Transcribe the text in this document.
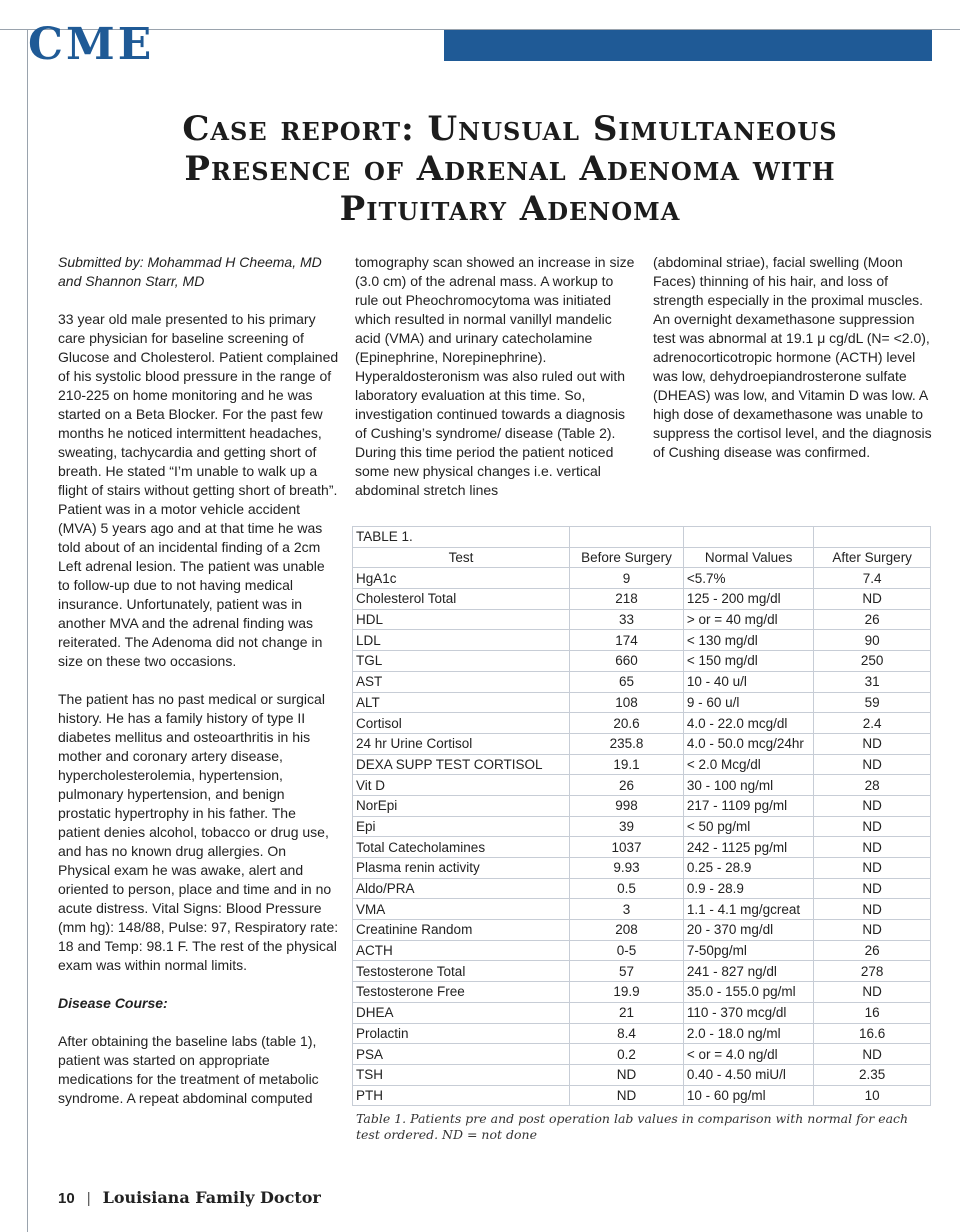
CME
Case report: Unusual Simultaneous Presence of Adrenal Adenoma with Pituitary Adenoma

Submitted by: Mohammad H Cheema, MD and Shannon Starr, MD

33 year old male presented to his primary care physician for baseline screening of Glucose and Cholesterol. Patient complained of his systolic blood pressure in the range of 210-225 on home monitoring and he was started on a Beta Blocker. For the past few months he noticed intermittent headaches, sweating, tachycardia and getting short of breath. He stated “I’m unable to walk up a flight of stairs without getting short of breath”. Patient was in a motor vehicle accident (MVA) 5 years ago and at that time he was told about of an incidental finding of a 2cm Left adrenal lesion. The patient was unable to follow-up due to not having medical insurance. Unfortunately, patient was in another MVA and the adrenal finding was reiterated. The Adenoma did not change in size on these two occasions.

The patient has no past medical or surgical history. He has a family history of type II diabetes mellitus and osteoarthritis in his mother and coronary artery disease, hypercholesterolemia, hypertension, pulmonary hypertension, and benign prostatic hypertrophy in his father. The patient denies alcohol, tobacco or drug use, and has no known drug allergies. On Physical exam he was awake, alert and oriented to person, place and time and in no acute distress. Vital Signs: Blood Pressure (mm hg): 148/88, Pulse: 97, Respiratory rate: 18 and Temp: 98.1 F. The rest of the physical exam was within normal limits.

Disease Course:

After obtaining the baseline labs (table 1), patient was started on appropriate medications for the treatment of metabolic syndrome. A repeat abdominal computed

tomography scan showed an increase in size (3.0 cm) of the adrenal mass. A workup to rule out Pheochromocytoma was initiated which resulted in normal vanillyl mandelic acid (VMA) and urinary catecholamine (Epinephrine, Norepinephrine). Hyperaldosteronism was also ruled out with laboratory evaluation at this time. So, investigation continued towards a diagnosis of Cushing’s syndrome/ disease (Table 2). During this time period the patient noticed some new physical changes i.e. vertical abdominal stretch lines

(abdominal striae), facial swelling (Moon Faces) thinning of his hair, and loss of strength especially in the proximal muscles. An overnight dexamethasone suppression test was abnormal at 19.1 μ cg/dL (N= <2.0), adrenocorticotropic hormone (ACTH) level was low, dehydroepiandrosterone sulfate (DHEAS) was low, and Vitamin D was low. A high dose of dexamethasone was unable to suppress the cortisol level, and the diagnosis of Cushing disease was confirmed.

TABLE 1.			
Test	Before Surgery	Normal Values	After Surgery
HgA1c	9	<5.7%	7.4
Cholesterol Total	218	125 - 200 mg/dl	ND
HDL	33	> or = 40 mg/dl	26
LDL	174	< 130 mg/dl	90
TGL	660	< 150 mg/dl	250
AST	65	10 - 40 u/l	31
ALT	108	9 - 60 u/l	59
Cortisol	20.6	4.0 - 22.0 mcg/dl	2.4
24 hr Urine Cortisol	235.8	4.0 - 50.0 mcg/24hr	ND
DEXA SUPP TEST CORTISOL	19.1	< 2.0 Mcg/dl	ND
Vit D	26	30 - 100 ng/ml	28
NorEpi	998	217 - 1109 pg/ml	ND
Epi	39	< 50 pg/ml	ND
Total Catecholamines	1037	242 - 1125 pg/ml	ND
Plasma renin activity	9.93	0.25 - 28.9	ND
Aldo/PRA	0.5	0.9 - 28.9	ND
VMA	3	1.1 - 4.1 mg/gcreat	ND
Creatinine Random	208	20 - 370 mg/dl	ND
ACTH	0-5	7-50pg/ml	26
Testosterone Total	57	241 - 827 ng/dl	278
Testosterone Free	19.9	35.0 - 155.0 pg/ml	ND
DHEA	21	110 - 370 mcg/dl	16
Prolactin	8.4	2.0 - 18.0 ng/ml	16.6
PSA	0.2	< or = 4.0 ng/dl	ND
TSH	ND	0.40 - 4.50 miU/l	2.35
PTH	ND	10 - 60 pg/ml	10
Table 1. Patients pre and post operation lab values in comparison with normal for each test ordered. ND = not done
10 | Louisiana Family Doctor
